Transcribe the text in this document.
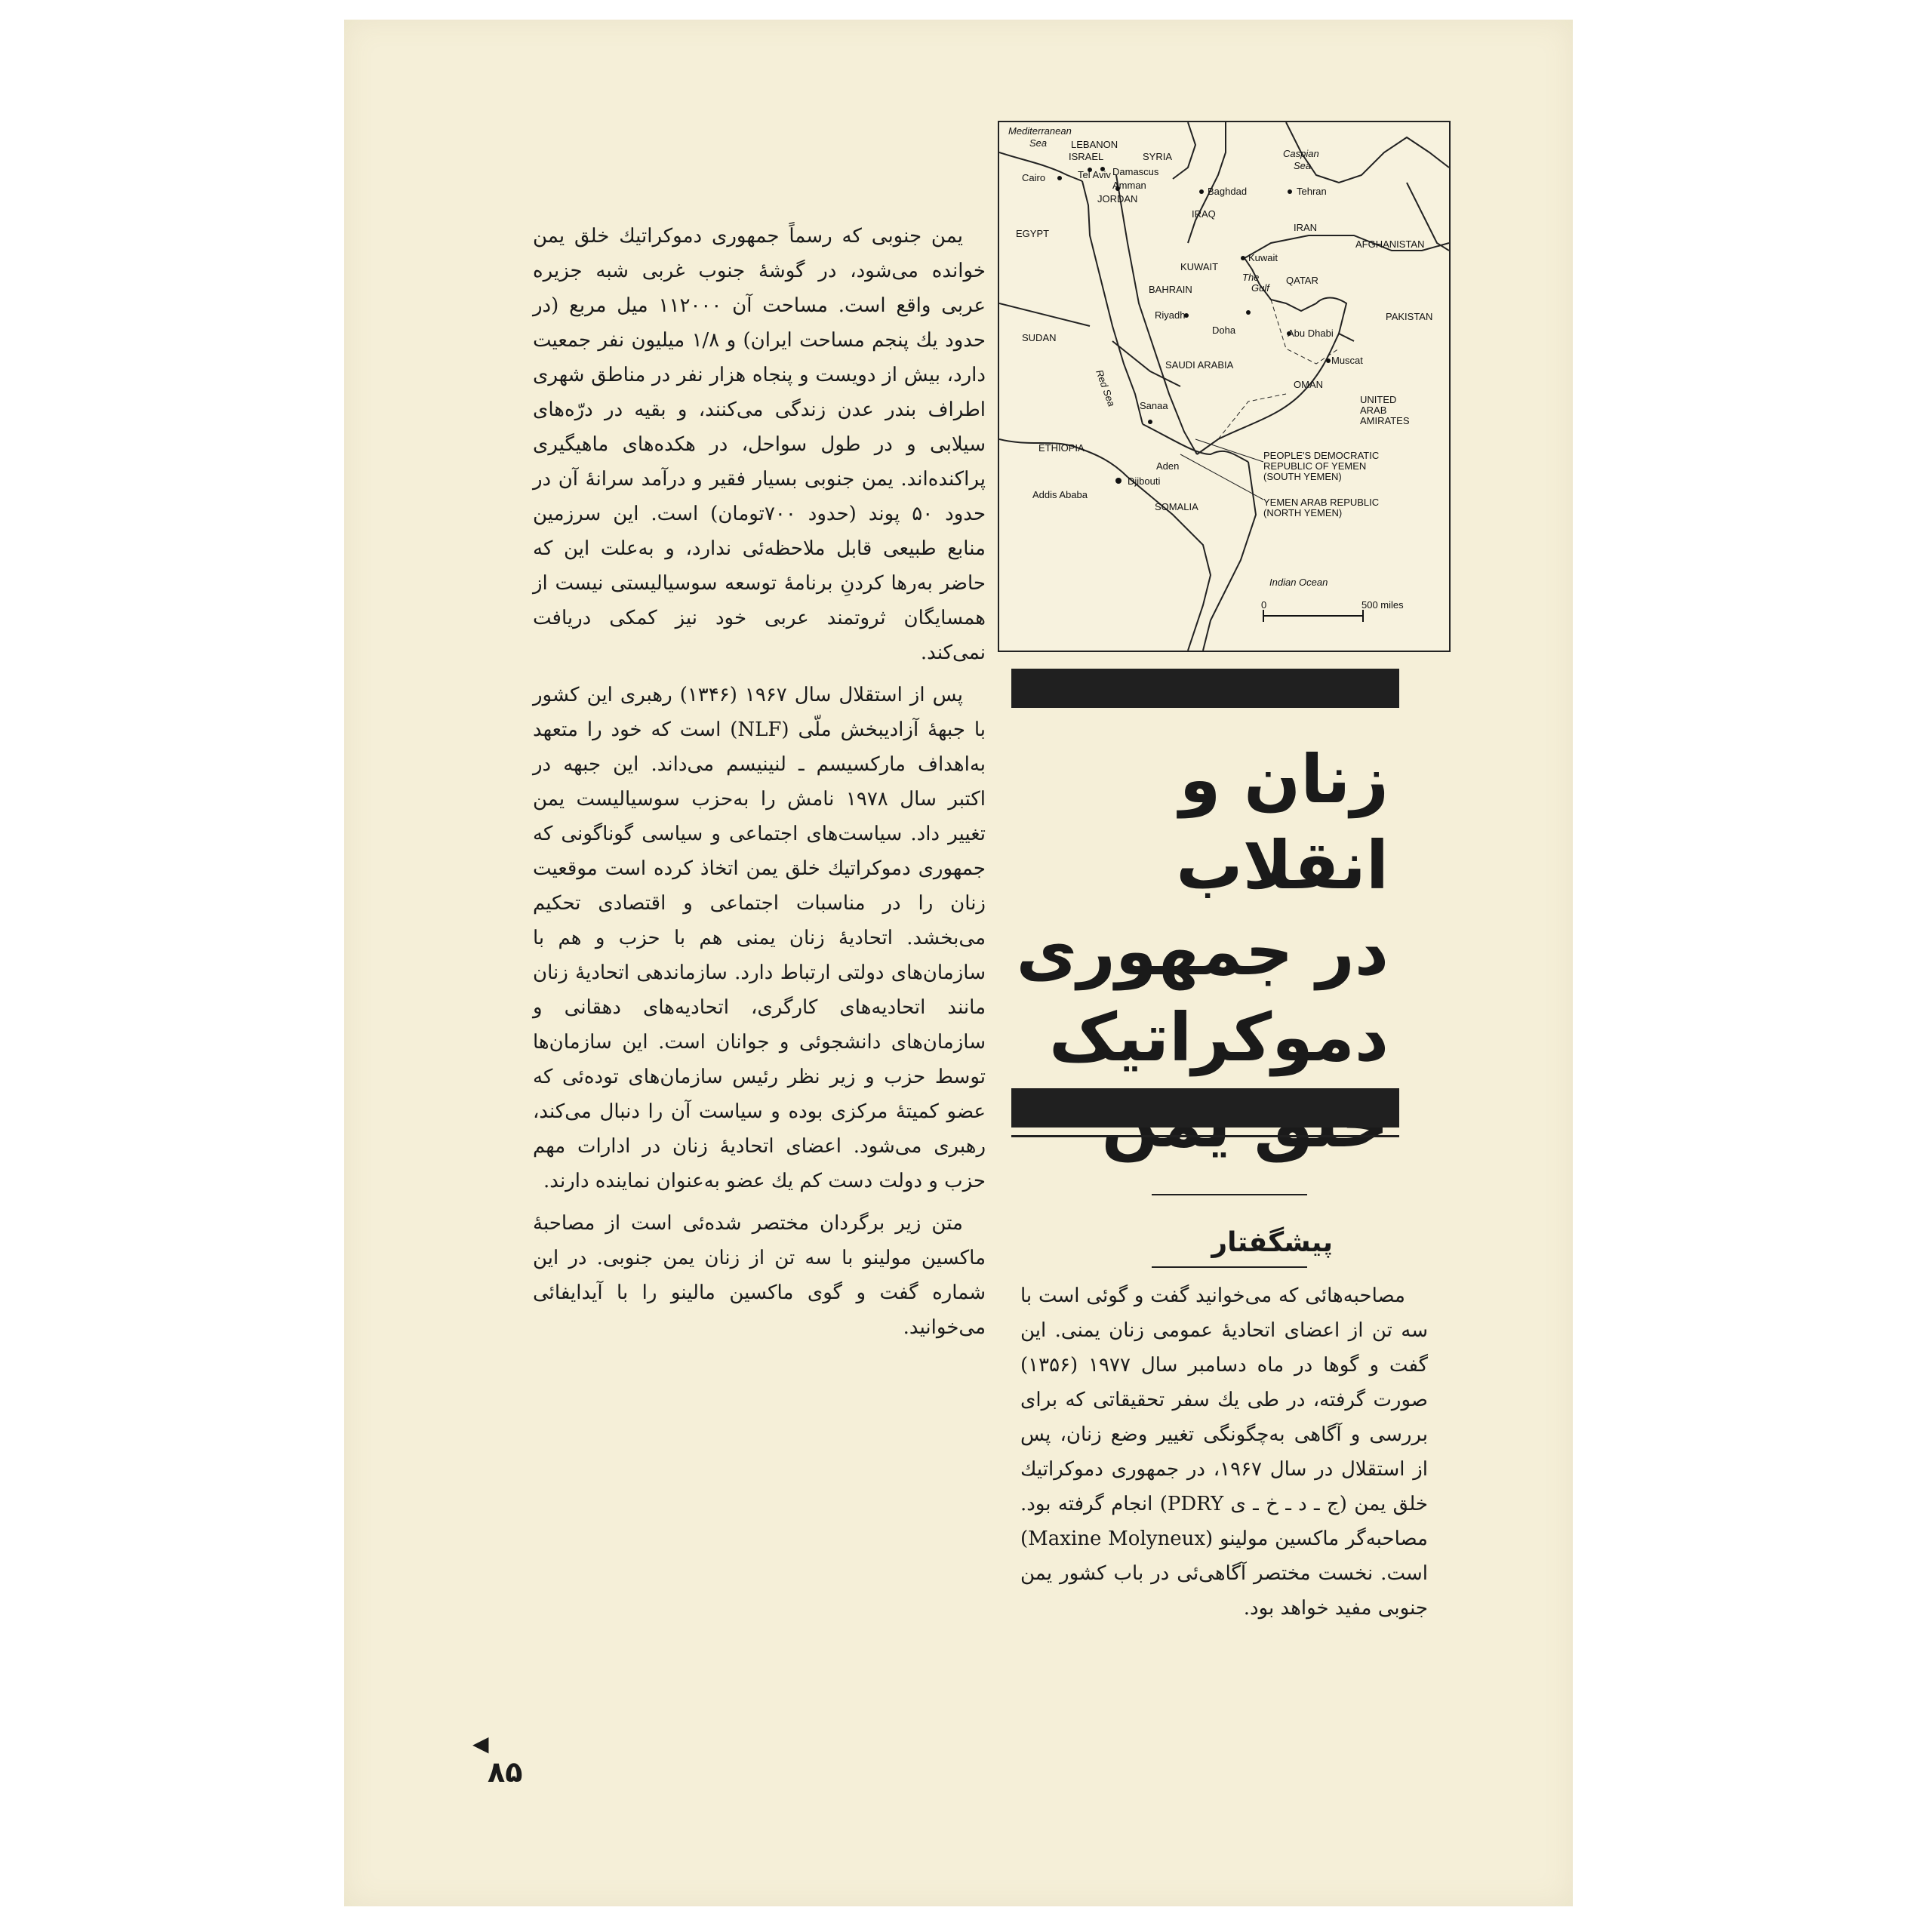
یمن جنوبی که رسماً جمهوری دموکراتیك خلق یمن خوانده می‌شود، در گوشهٔ جنوب غربی شبه جزیره عربی واقع است. مساحت آن ۱۱۲۰۰۰ میل مربع (در حدود یك پنجم مساحت ایران) و ۱/۸ میلیون نفر جمعیت دارد، بیش از دویست و پنجاه هزار نفر در مناطق شهری اطراف بندر عدن زندگی می‌کنند، و بقیه در درّه‌های سیلابی و در طول سواحل، در هکده‌های ماهیگیری پراکنده‌اند. یمن جنوبی بسیار فقیر و درآمد سرانهٔ آن در حدود ۵۰ پوند (حدود ۷۰۰تومان) است. این سرزمین منابع طبیعی قابل ملاحظه‌ئی ندارد، و به‌علت این که حاضر به‌رها کردنِ برنامهٔ توسعه سوسیالیستی نیست از همسایگان ثروتمند عربی خود نیز کمکی دریافت نمی‌کند.

پس از استقلال سال ۱۹۶۷ (۱۳۴۶) رهبری این کشور با جبههٔ آزادیبخش ملّی (NLF) است که خود را متعهد به‌اهداف مارکسیسم ـ لنینیسم می‌داند. این جبهه در اکتبر سال ۱۹۷۸ نامش را به‌حزب سوسیالیست یمن تغییر داد. سیاست‌های اجتماعی و سیاسی گوناگونی که جمهوری دموکراتیك خلق یمن اتخاذ کرده است موقعیت زنان را در مناسبات اجتماعی و اقتصادی تحکیم می‌بخشد. اتحادیهٔ زنان یمنی هم با حزب و هم با سازمان‌های دولتی ارتباط دارد. سازماندهی اتحادیهٔ زنان مانند اتحادیه‌های کارگری، اتحادیه‌های دهقانی و سازمان‌های دانشجوئی و جوانان است. این سازمان‌ها توسط حزب و زیر نظر رئیس سازمان‌های توده‌ئی که عضو کمیتهٔ مرکزی بوده و سیاست آن را دنبال می‌کند، رهبری می‌شود. اعضای اتحادیهٔ زنان در ادارات مهم حزب و دولت دست کم یك عضو به‌عنوان نماینده دارند.

متن زیر برگردان مختصر شده‌ئی است از مصاحبهٔ ماکسین مولینو با سه تن از زنان یمن جنوبی. در این شماره گفت و گوی ماکسین مالینو را با آیدایفائی می‌خوانید.

Mediterranean
Sea LEBANON
ISRAEL	SYRIA
Damascus
Tel Aviv
Amman
Cairo
JORDAN
Baghdad
Caspian
Sea
Tehran
EGYPT
IRAQ
IRAN
AFGHANISTAN
KUWAIT
Kuwait
The
Gulf
QATAR
BAHRAIN
Riyadh
Doha	Abu Dhabi
PAKISTAN
SUDAN
Red Sea
SAUDI ARABIA	Muscat
OMAN
UNITED
ARAB
AMIRATES
Sanaa
ETHIOPIA
Aden
PEOPLE'S DEMOCRATIC
REPUBLIC OF YEMEN
(SOUTH YEMEN)
Djibouti
Addis Ababa
SOMALIA	YEMEN ARAB REPUBLIC
(NORTH YEMEN)
Indian Ocean
0	500 miles
زنان و انقلاب
در جمهوری
دموکراتیک
پیشگفتار

مصاحبه‌هائی که می‌خوانید گفت و گوئی است با سه تن از اعضای اتحادیهٔ عمومی زنان یمنی. این گفت و گوها در ماه دسامبر سال ۱۹۷۷ (۱۳۵۶) صورت گرفته، در طی یك سفر تحقیقاتی که برای بررسی و آگاهی به‌چگونگی تغییر وضع زنان، پس از استقلال در سال ۱۹۶۷، در جمهوری دموکراتیك خلق یمن (ج ـ د ـ خ ـ ی PDRY) انجام گرفته بود. مصاحبه‌گر ماکسین مولینو (Maxine Molyneux) است. نخست مختصر آگاهی‌ئی در باب کشور یمن جنوبی مفید خواهد بود.

◀
۸۵
